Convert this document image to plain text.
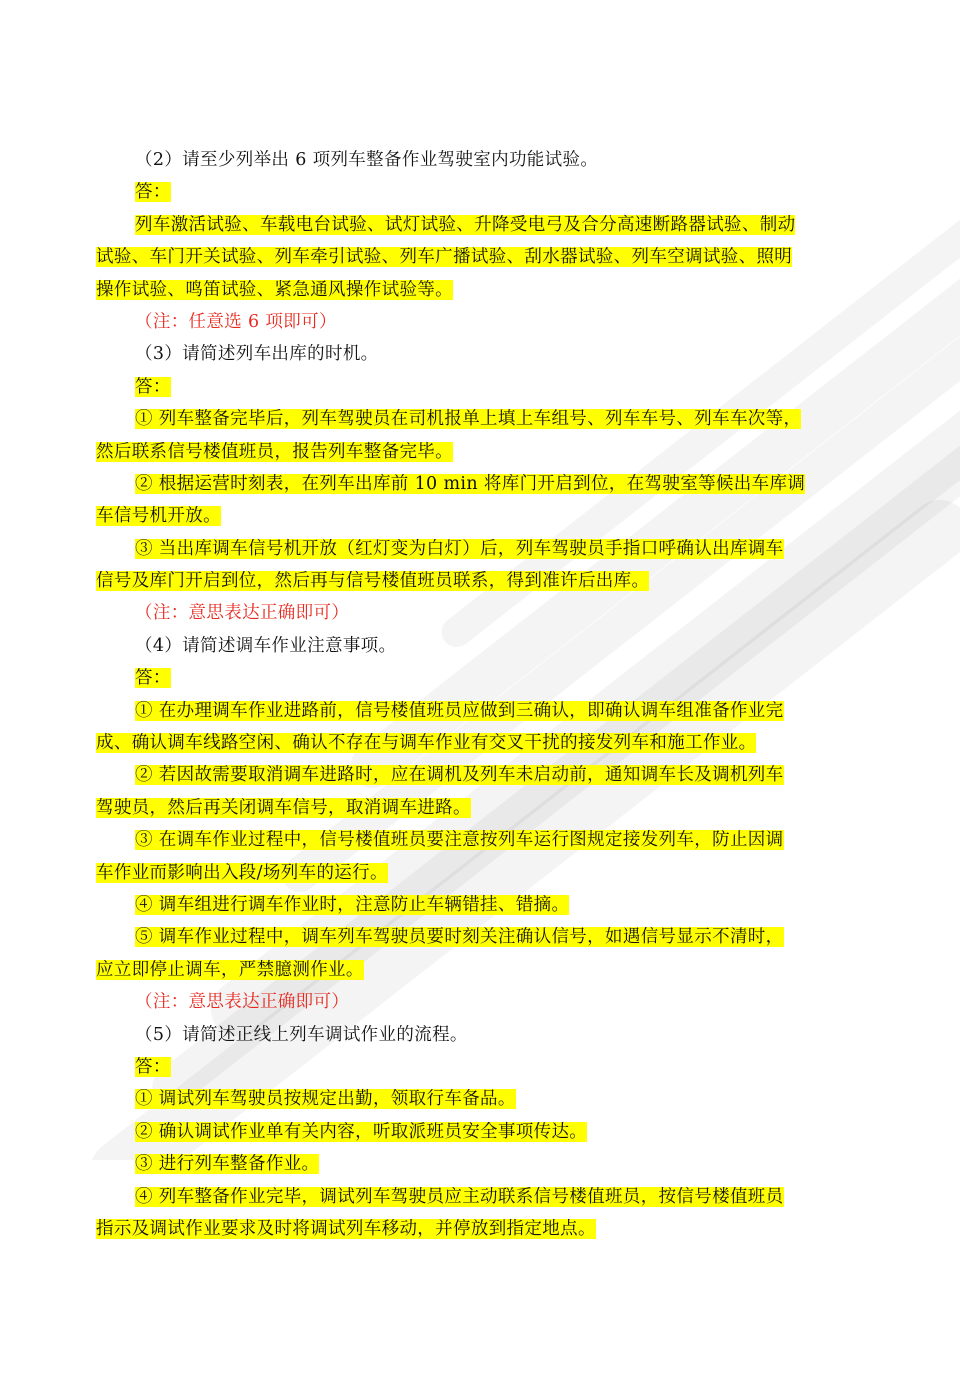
（2）请至少列举出 6 项列车整备作业驾驶室内功能试验。

答：

列车激活试验、车载电台试验、试灯试验、升降受电弓及合分高速断路器试验、制动

试验、车门开关试验、列车牵引试验、列车广播试验、刮水器试验、列车空调试验、照明

操作试验、鸣笛试验、紧急通风操作试验等。

（注：任意选 6 项即可）

（3）请简述列车出库的时机。

答：

① 列车整备完毕后，列车驾驶员在司机报单上填上车组号、列车车号、列车车次等，

然后联系信号楼值班员，报告列车整备完毕。

② 根据运营时刻表，在列车出库前 10 min 将库门开启到位，在驾驶室等候出车库调

车信号机开放。

③ 当出库调车信号机开放（红灯变为白灯）后，列车驾驶员手指口呼确认出库调车

信号及库门开启到位，然后再与信号楼值班员联系，得到准许后出库。

（注：意思表达正确即可）

（4）请简述调车作业注意事项。

答：

① 在办理调车作业进路前，信号楼值班员应做到三确认，即确认调车组准备作业完

成、确认调车线路空闲、确认不存在与调车作业有交叉干扰的接发列车和施工作业。

② 若因故需要取消调车进路时，应在调机及列车未启动前，通知调车长及调机列车

驾驶员，然后再关闭调车信号，取消调车进路。

③ 在调车作业过程中，信号楼值班员要注意按列车运行图规定接发列车，防止因调

车作业而影响出入段/场列车的运行。

④ 调车组进行调车作业时，注意防止车辆错挂、错摘。

⑤ 调车作业过程中，调车列车驾驶员要时刻关注确认信号，如遇信号显示不清时，

应立即停止调车，严禁臆测作业。

（注：意思表达正确即可）

（5）请简述正线上列车调试作业的流程。

答：

① 调试列车驾驶员按规定出勤，领取行车备品。

② 确认调试作业单有关内容，听取派班员安全事项传达。

③ 进行列车整备作业。

④ 列车整备作业完毕，调试列车驾驶员应主动联系信号楼值班员，按信号楼值班员

指示及调试作业要求及时将调试列车移动，并停放到指定地点。
